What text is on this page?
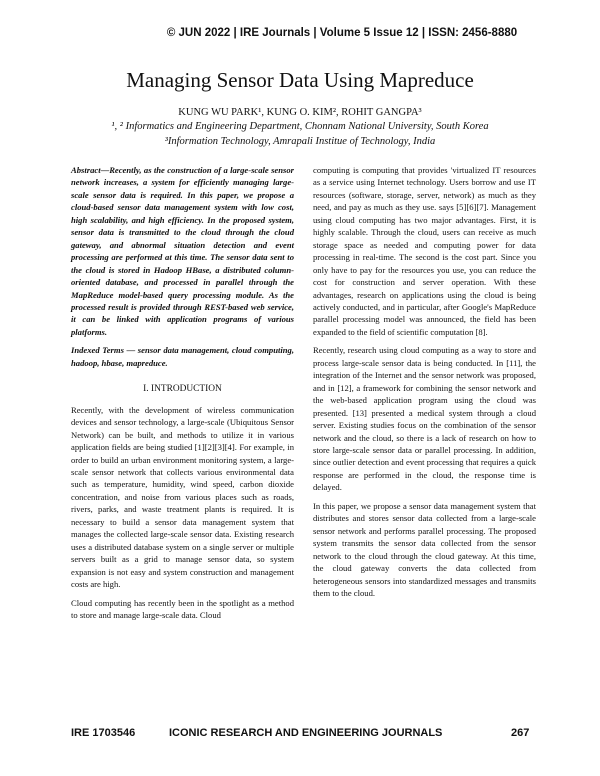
© JUN 2022 | IRE Journals | Volume 5 Issue 12 | ISSN: 2456-8880
Managing Sensor Data Using Mapreduce
KUNG WU PARK¹, KUNG O. KIM², ROHIT GANGPA³
¹, ² Informatics and Engineering Department, Chonnam National University, South Korea
³Information Technology, Amrapali Institue of Technology, India

Abstract—Recently, as the construction of a large-scale sensor network increases, a system for efficiently managing large-scale sensor data is required. In this paper, we propose a cloud-based sensor data management system with low cost, high scalability, and high efficiency. In the proposed system, sensor data is transmitted to the cloud through the cloud gateway, and abnormal situation detection and event processing are performed at this time. The sensor data sent to the cloud is stored in Hadoop HBase, a distributed column-oriented database, and processed in parallel through the MapReduce model-based query processing module. As the processed result is provided through REST-based web service, it can be linked with application programs of various platforms.

Indexed Terms — sensor data management, cloud computing, hadoop, hbase, mapreduce.

I. INTRODUCTION

Recently, with the development of wireless communication devices and sensor technology, a large-scale (Ubiquitous Sensor Network) can be built, and methods to utilize it in various application fields are being studied [1][2][3][4]. For example, in order to build an urban environment monitoring system, a large-scale sensor network that collects various environmental data such as temperature, humidity, wind speed, carbon dioxide concentration, and noise from various places such as roads, rivers, parks, and waste treatment plants is required. It is necessary to build a sensor data management system that manages the collected large-scale sensor data. Existing research uses a distributed database system on a single server or multiple servers built as a grid to manage sensor data, so system expansion is not easy and system construction and management costs are high.

Cloud computing has recently been in the spotlight as a method to store and manage large-scale data. Cloud

computing is computing that provides 'virtualized IT resources as a service using Internet technology. Users borrow and use IT resources (software, storage, server, network) as much as they need, and pay as much as they use. says [5][6][7]. Management using cloud computing has two major advantages. First, it is highly scalable. Through the cloud, users can receive as much storage space as needed and computing power for data processing in real-time. The second is the cost part. Since you only have to pay for the resources you use, you can reduce the cost for construction and server operation. With these advantages, research on applications using the cloud is being actively conducted, and in particular, after Google's MapReduce parallel processing model was announced, the field has been expanded to the field of scientific computation [8].

Recently, research using cloud computing as a way to store and process large-scale sensor data is being conducted. In [11], the integration of the Internet and the sensor network was proposed, and in [12], a framework for combining the sensor network and the web-based application program using the cloud was presented. [13] presented a medical system through a cloud server. Existing studies focus on the combination of the sensor network and the cloud, so there is a lack of research on how to store large-scale sensor data or parallel processing. In addition, since outlier detection and event processing that requires a quick response are performed in the cloud, the response time is delayed.

In this paper, we propose a sensor data management system that distributes and stores sensor data collected from a large-scale sensor network and performs parallel processing. The proposed system transmits the sensor data collected from the sensor network to the cloud through the cloud gateway. At this time, the cloud gateway converts the data collected from heterogeneous sensors into standardized messages and transmits them to the cloud.

IRE 1703546	ICONIC RESEARCH AND ENGINEERING JOURNALS	267
